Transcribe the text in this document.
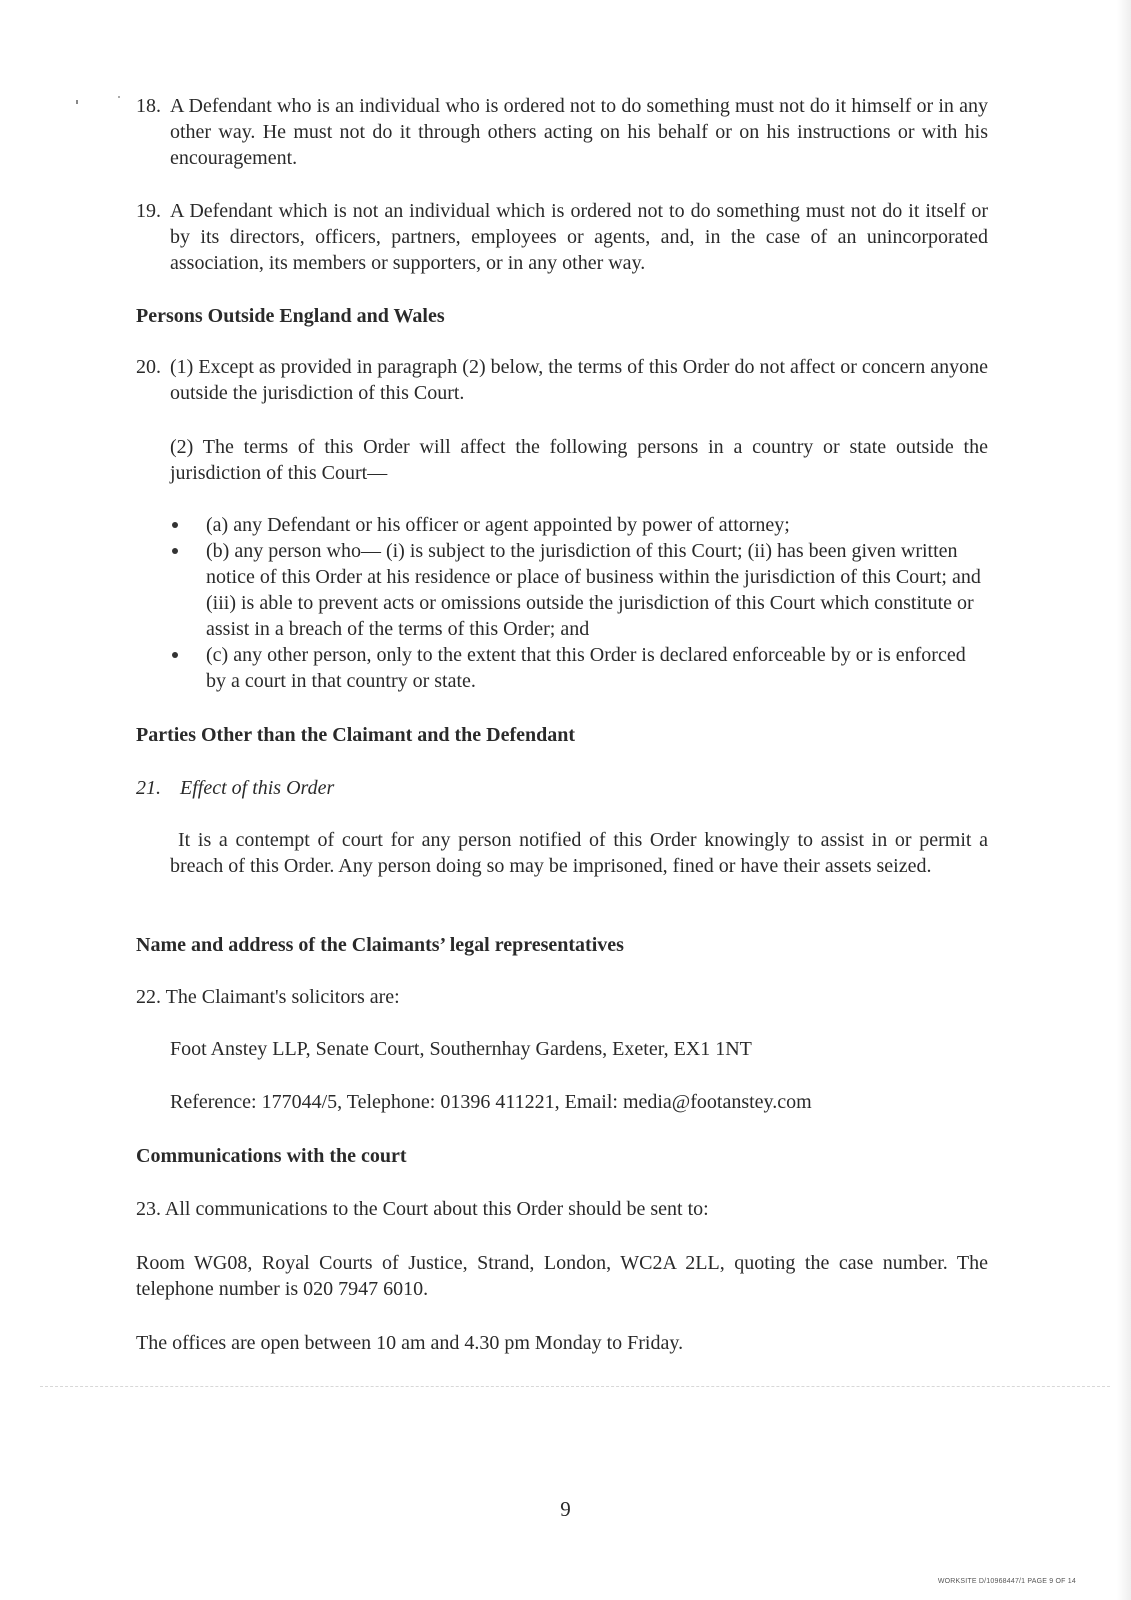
18. A Defendant who is an individual who is ordered not to do something must not do it himself or in any other way. He must not do it through others acting on his behalf or on his instructions or with his encouragement.

19. A Defendant which is not an individual which is ordered not to do something must not do it itself or by its directors, officers, partners, employees or agents, and, in the case of an unincorporated association, its members or supporters, or in any other way.

Persons Outside England and Wales
20. (1) Except as provided in paragraph (2) below, the terms of this Order do not affect or concern anyone outside the jurisdiction of this Court.

(2) The terms of this Order will affect the following persons in a country or state outside the jurisdiction of this Court—

(a) any Defendant or his officer or agent appointed by power of attorney;
(b) any person who— (i) is subject to the jurisdiction of this Court; (ii) has been given written notice of this Order at his residence or place of business within the jurisdiction of this Court; and (iii) is able to prevent acts or omissions outside the jurisdiction of this Court which constitute or assist in a breach of the terms of this Order; and
(c) any other person, only to the extent that this Order is declared enforceable by or is enforced by a court in that country or state.
Parties Other than the Claimant and the Defendant
21. Effect of this Order

It is a contempt of court for any person notified of this Order knowingly to assist in or permit a breach of this Order. Any person doing so may be imprisoned, fined or have their assets seized.

Name and address of the Claimants’ legal representatives

22. The Claimant's solicitors are:

Foot Anstey LLP, Senate Court, Southernhay Gardens, Exeter, EX1 1NT

Reference: 177044/5, Telephone: 01396 411221, Email: media@footanstey.com

Communications with the court

23. All communications to the Court about this Order should be sent to:

Room WG08, Royal Courts of Justice, Strand, London, WC2A 2LL, quoting the case number. The telephone number is 020 7947 6010.

The offices are open between 10 am and 4.30 pm Monday to Friday.

9
WORKSITE D/10968447/1 PAGE 9 OF 14
